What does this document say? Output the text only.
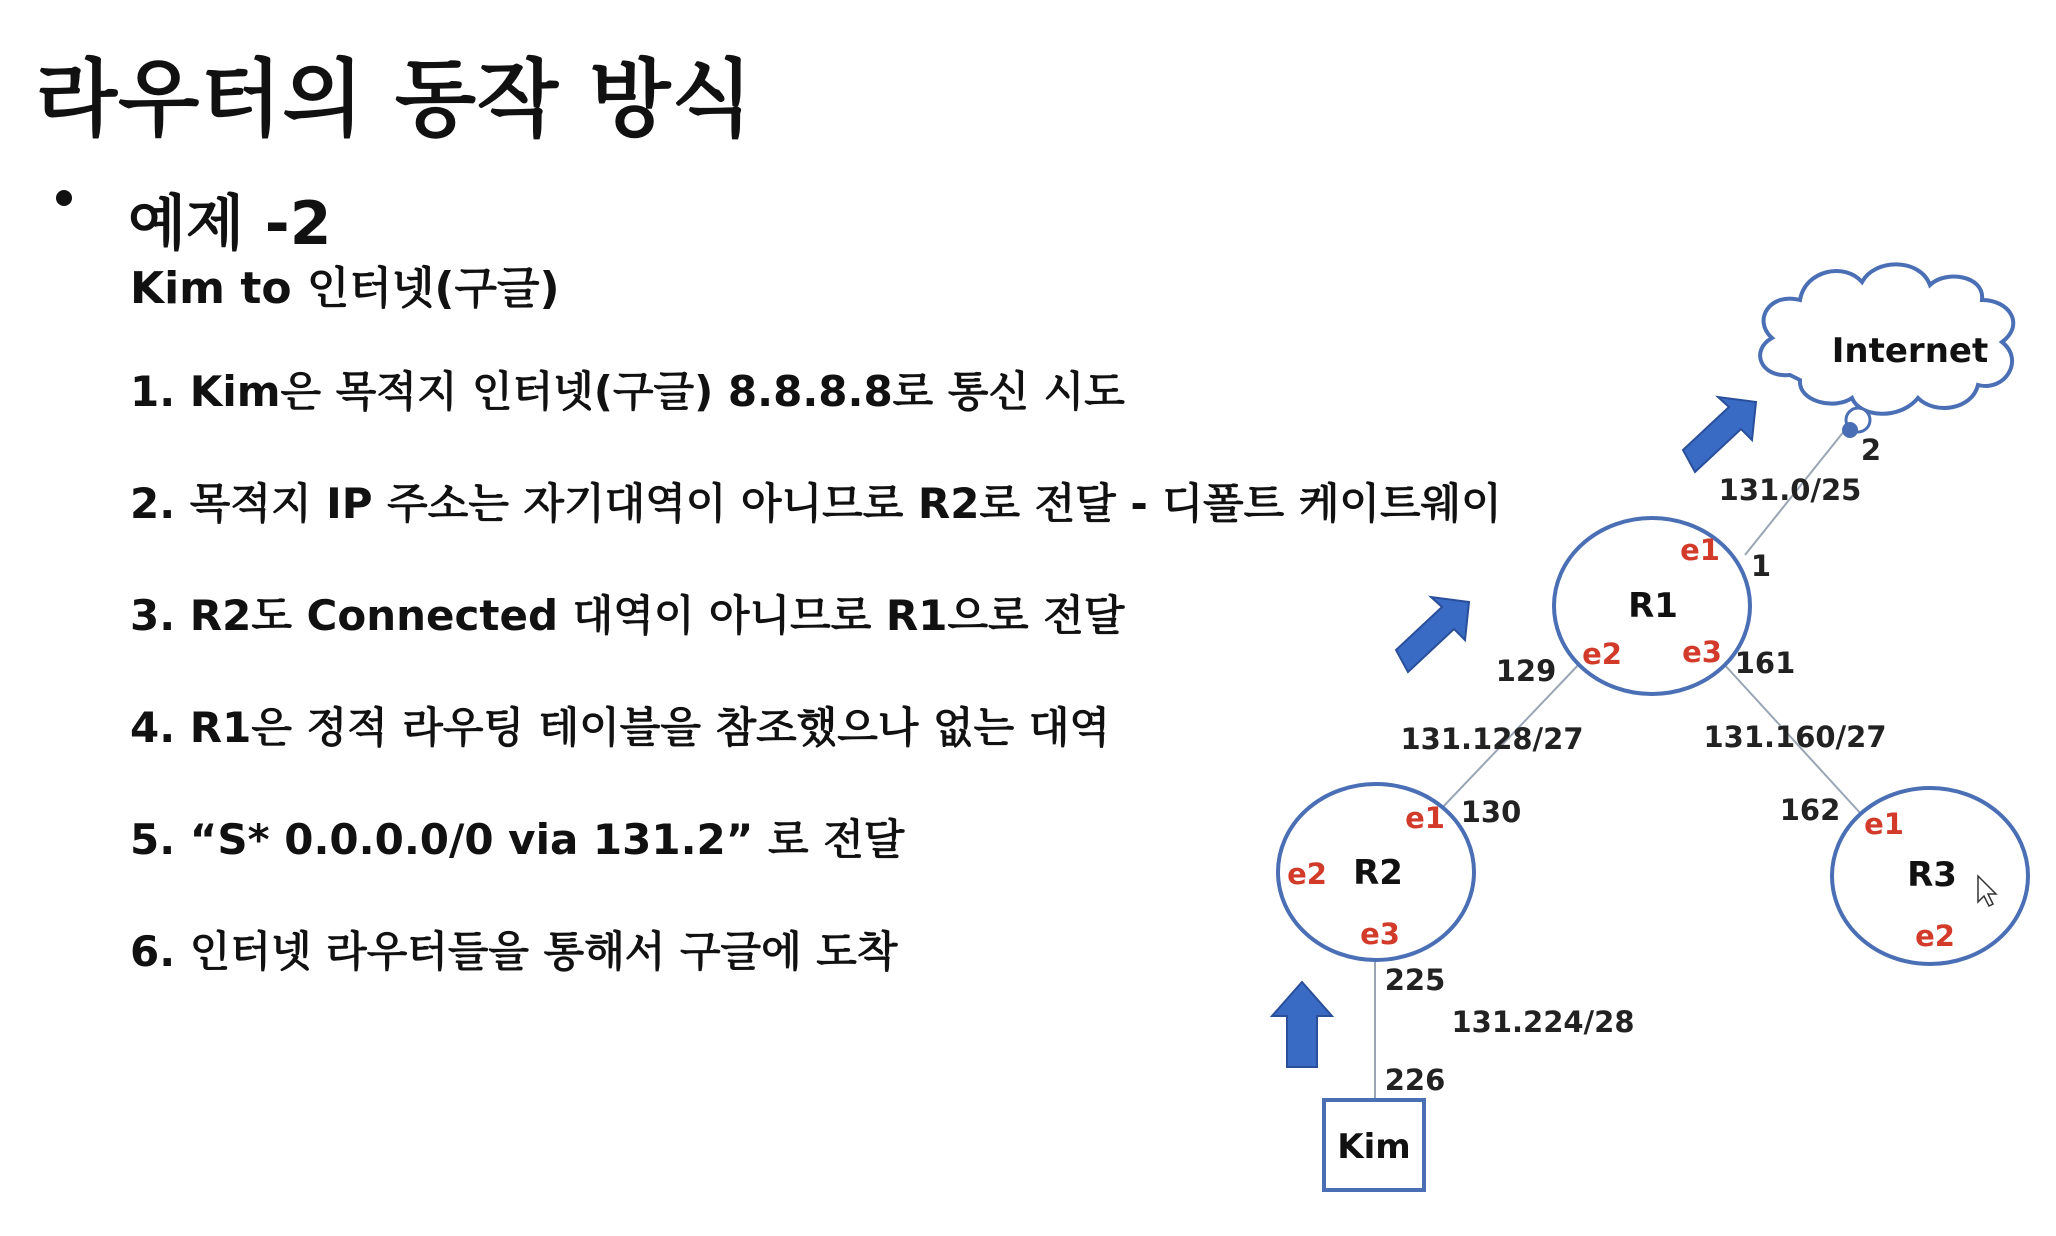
라우터의 동작 방식
예제 -2
Kim to 인터넷(구글)
1. Kim은 목적지 인터넷(구글) 8.8.8.8로 통신 시도
2. 목적지 IP 주소는 자기대역이 아니므로 R2로 전달 - 디폴트 케이트웨이
3. R2도 Connected 대역이 아니므로 R1으로 전달
4. R1은 정적 라우팅 테이블을 참조했으나 없는 대역
5. “S* 0.0.0.0/0 via 131.2” 로 전달
6. 인터넷 라우터들을 통해서 구글에 도착
Internet
R1
e1
e2 e3
R2
e1
e2
e3
R3
e1
e2
Kim
131.0/25
131.128/27	131.160/27
131.224/28
2
1
129	161
130	162
225
226
